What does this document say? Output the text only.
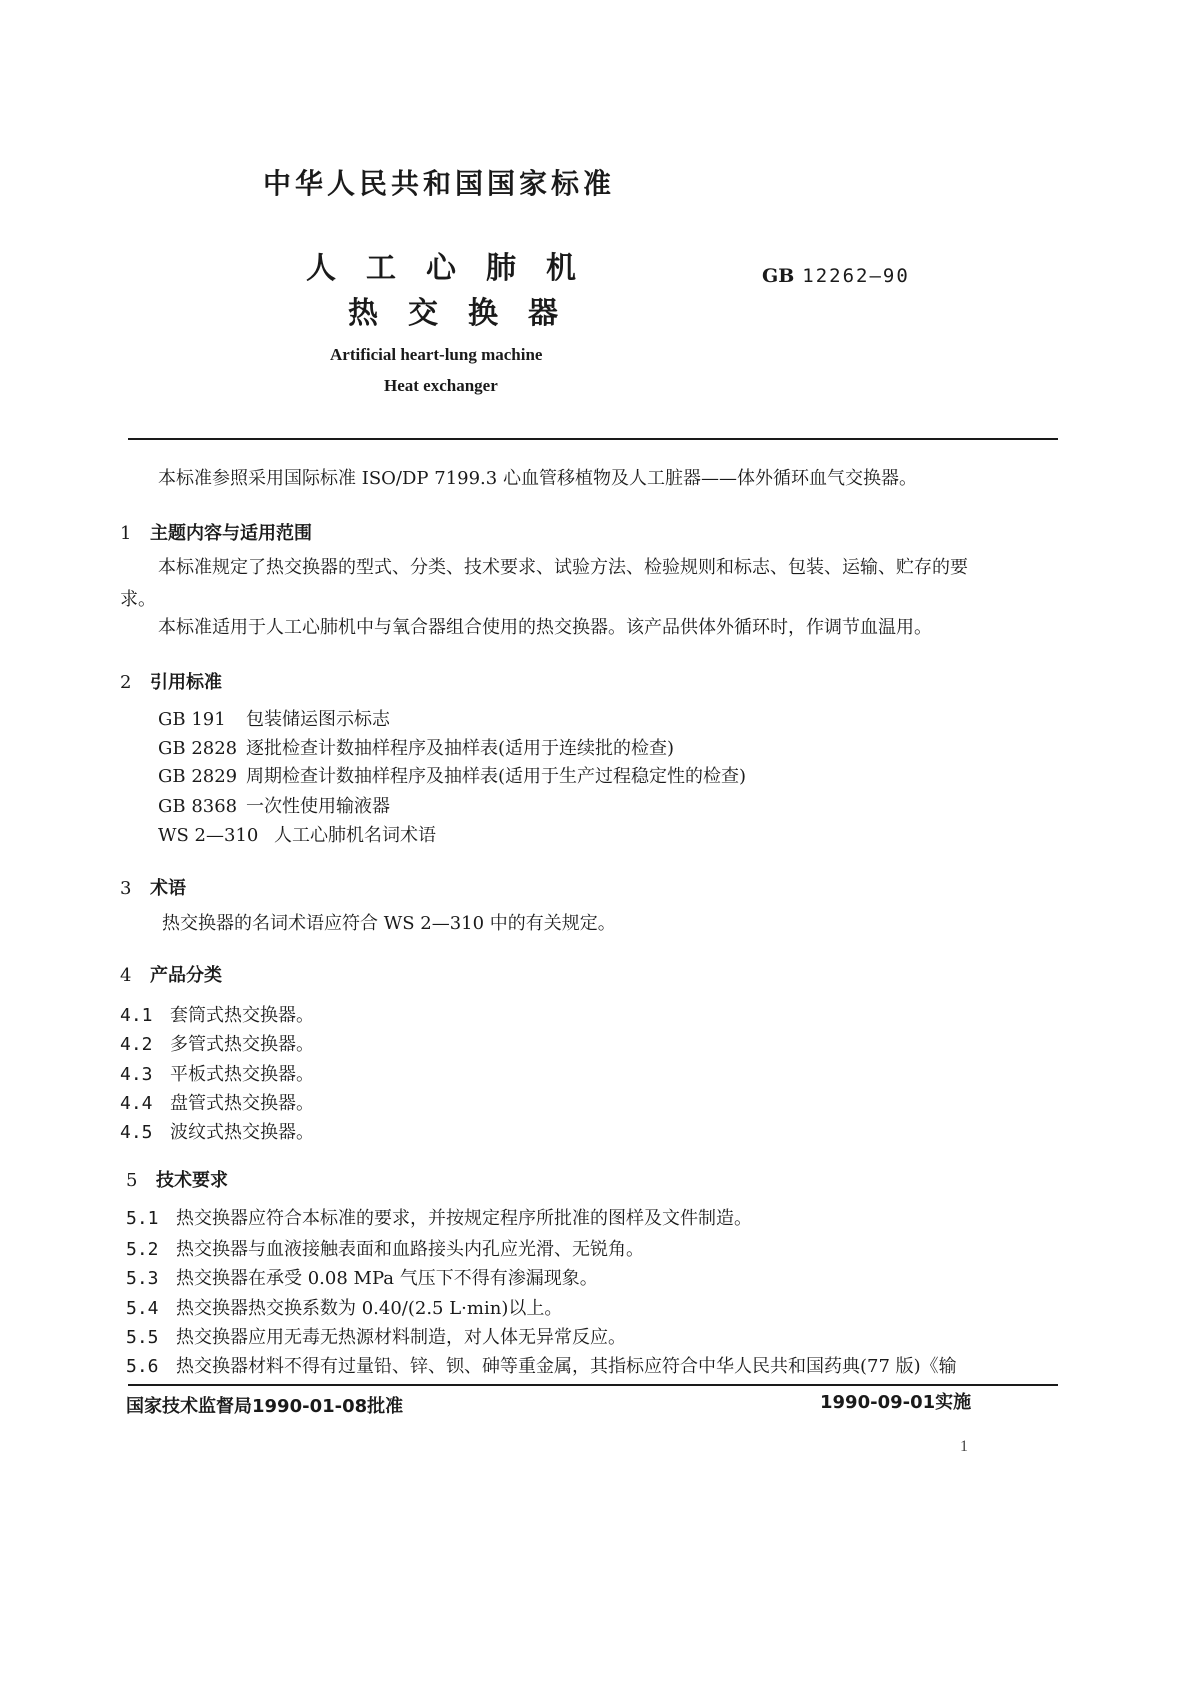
中华人民共和国国家标准
人工心肺机
热交换器
GB 12262—90
Artificial heart-lung machine
Heat exchanger
本标准参照采用国际标准 ISO/DP 7199.3 心血管移植物及人工脏器——体外循环血气交换器。
1 主题内容与适用范围
本标准规定了热交换器的型式、分类、技术要求、试验方法、检验规则和标志、包装、运输、贮存的要
求。
本标准适用于人工心肺机中与氧合器组合使用的热交换器。该产品供体外循环时，作调节血温用。
2 引用标准
GB 191 包装储运图示标志
GB 2828 逐批检查计数抽样程序及抽样表(适用于连续批的检查)
GB 2829 周期检查计数抽样程序及抽样表(适用于生产过程稳定性的检查)
GB 8368 一次性使用输液器
WS 2—310 人工心肺机名词术语
3 术语
热交换器的名词术语应符合 WS 2—310 中的有关规定。
4 产品分类
4.1 套筒式热交换器。
4.2 多管式热交换器。
4.3 平板式热交换器。
4.4 盘管式热交换器。
4.5 波纹式热交换器。
5 技术要求
5.1 热交换器应符合本标准的要求，并按规定程序所批准的图样及文件制造。
5.2 热交换器与血液接触表面和血路接头内孔应光滑、无锐角。
5.3 热交换器在承受 0.08 MPa 气压下不得有渗漏现象。
5.4 热交换器热交换系数为 0.40/(2.5 L·min)以上。
5.5 热交换器应用无毒无热源材料制造，对人体无异常反应。
5.6 热交换器材料不得有过量铅、锌、钡、砷等重金属，其指标应符合中华人民共和国药典(77 版)《输
国家技术监督局1990-01-08批准	1990-09-01实施
1
